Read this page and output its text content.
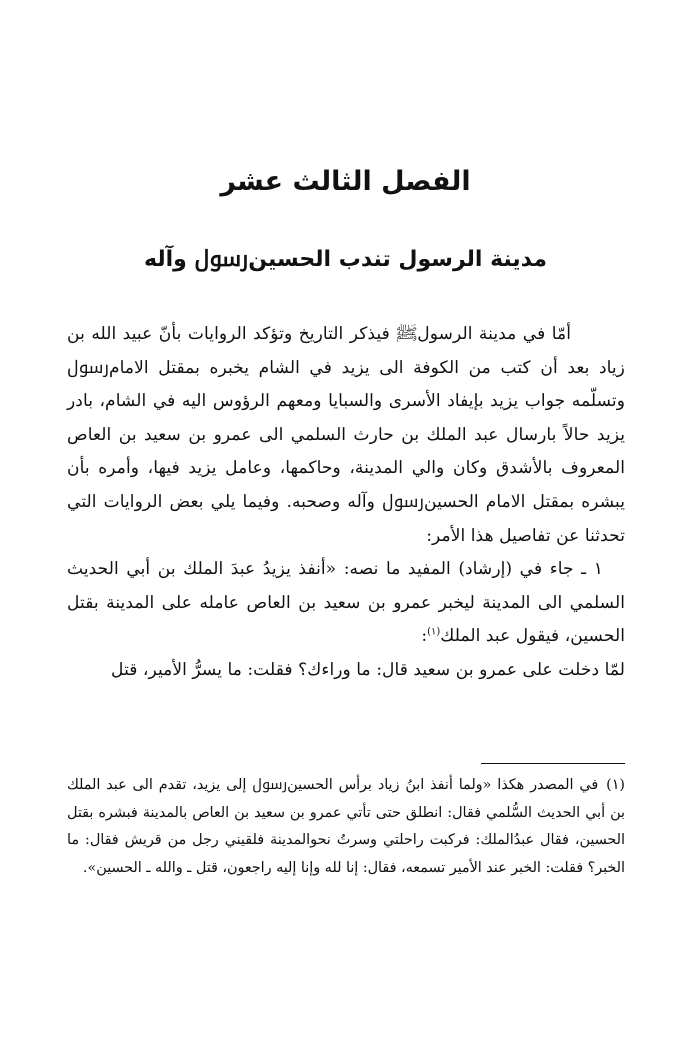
الفصل الثالث عشر
مدينة الرسول تندب الحسينﷶ وآله

أمّا في مدينة الرسولﷺ فيذكر التاريخ وتؤكد الروايات بأنّ عبيد الله بن زياد بعد أن كتب من الكوفة الى يزيد في الشام يخبره بمقتل الامامﷶ وتسلّمه جواب يزيد بإيفاد الأسرى والسبايا ومعهم الرؤوس اليه في الشام، بادر يزيد حالاً بارسال عبد الملك بن حارث السلمي الى عمرو بن سعيد بن العاص المعروف بالأشدق وكان والي المدينة، وحاكمها، وعامل يزيد فيها، وأمره بأن يبشره بمقتل الامام الحسينﷶ وآله وصحبه. وفيما يلي بعض الروايات التي تحدثنا عن تفاصيل هذا الأمر:

١ ـ جاء في (إرشاد) المفيد ما نصه: «أنفذ يزيدُ عبدَ الملك بن أبي الحديث السلمي الى المدينة ليخبر عمرو بن سعيد بن العاص عامله على المدينة بقتل الحسين، فيقول عبد الملك$^{(١)}$:

لمّا دخلت على عمرو بن سعيد قال: ما وراءك؟ فقلت: ما يسرُّ الأمير، قتل

(١)في المصدر هكذا «ولما أنفذ ابنُ زياد برأس الحسينﷶ إلى يزيد، تقدم الى عبد الملك بن أبي الحديث السُّلمي فقال: انطلق حتى تأتي عمرو بن سعيد بن العاص بالمدينة فبشره بقتل الحسين، فقال عبدُالملك: فركبت راحلتي وسرتُ نحوالمدينة فلقيني رجل من قريش فقال: ما الخبر؟ فقلت: الخبر عند الأمير تسمعه، فقال: إنا لله وإنا إليه راجعون، قتل ـ والله ـ الحسين».
